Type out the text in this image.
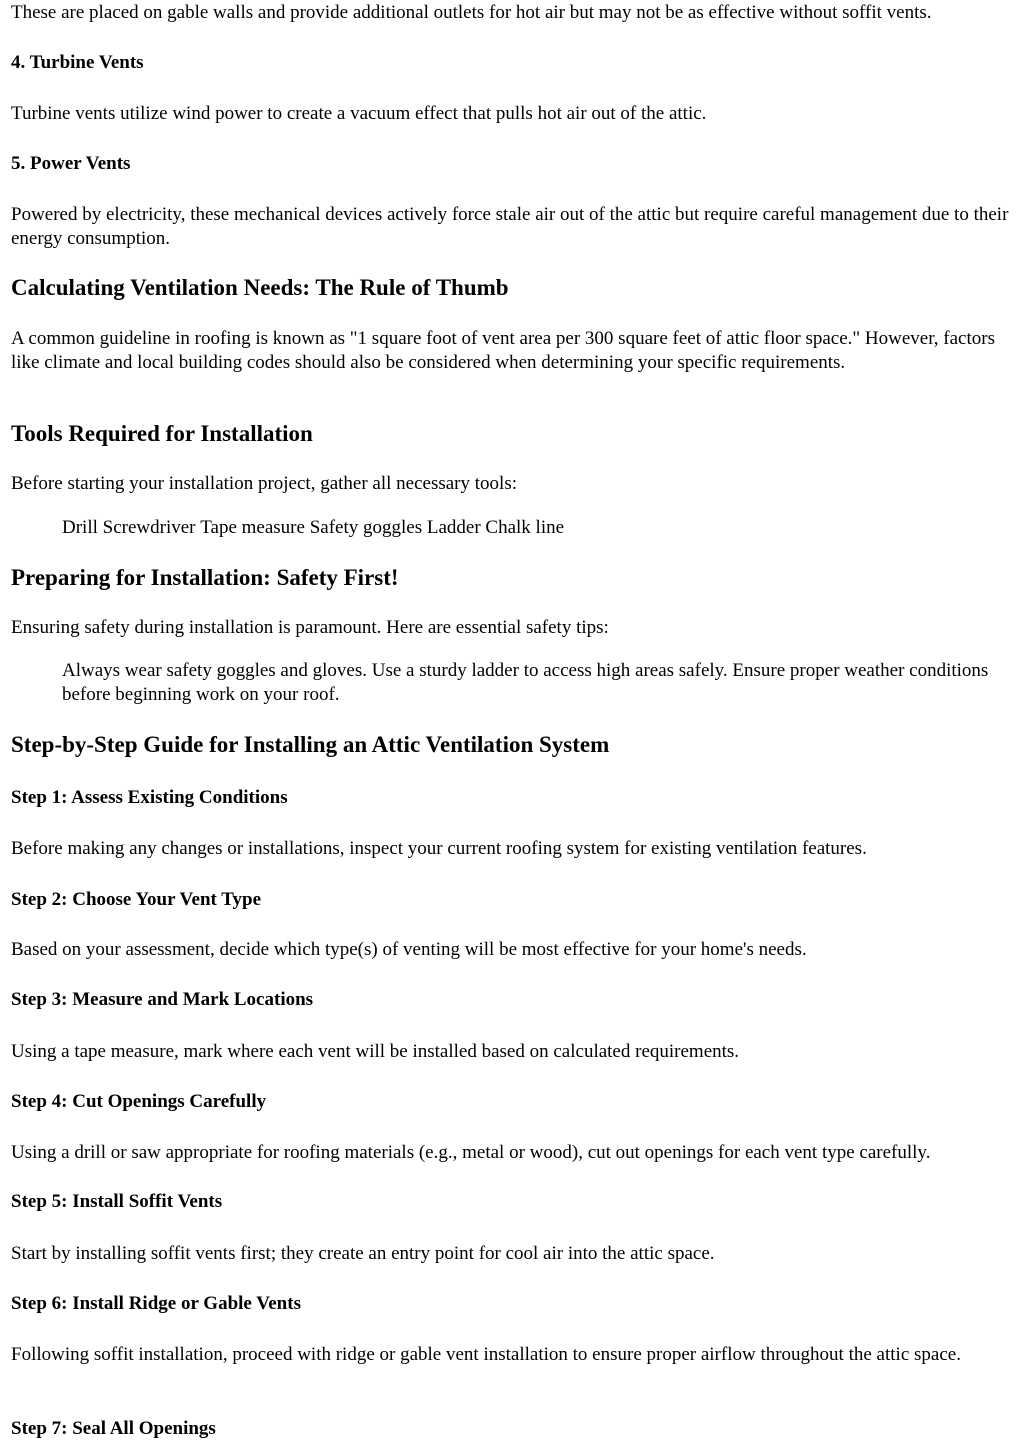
These are placed on gable walls and provide additional outlets for hot air but may not be as effective without soffit vents.

4. Turbine Vents

Turbine vents utilize wind power to create a vacuum effect that pulls hot air out of the attic.

5. Power Vents

Powered by electricity, these mechanical devices actively force stale air out of the attic but require careful management due to their energy consumption.

Calculating Ventilation Needs: The Rule of Thumb

A common guideline in roofing is known as "1 square foot of vent area per 300 square feet of attic floor space." However, factors like climate and local building codes should also be considered when determining your specific requirements.

Tools Required for Installation

Before starting your installation project, gather all necessary tools:

Drill Screwdriver Tape measure Safety goggles Ladder Chalk line
Preparing for Installation: Safety First!

Ensuring safety during installation is paramount. Here are essential safety tips:

Always wear safety goggles and gloves. Use a sturdy ladder to access high areas safely. Ensure proper weather conditions before beginning work on your roof.
Step-by-Step Guide for Installing an Attic Ventilation System
Step 1: Assess Existing Conditions

Before making any changes or installations, inspect your current roofing system for existing ventilation features.

Step 2: Choose Your Vent Type

Based on your assessment, decide which type(s) of venting will be most effective for your home's needs.

Step 3: Measure and Mark Locations

Using a tape measure, mark where each vent will be installed based on calculated requirements.

Step 4: Cut Openings Carefully

Using a drill or saw appropriate for roofing materials (e.g., metal or wood), cut out openings for each vent type carefully.

Step 5: Install Soffit Vents

Start by installing soffit vents first; they create an entry point for cool air into the attic space.

Step 6: Install Ridge or Gable Vents

Following soffit installation, proceed with ridge or gable vent installation to ensure proper airflow throughout the attic space.

Step 7: Seal All Openings
